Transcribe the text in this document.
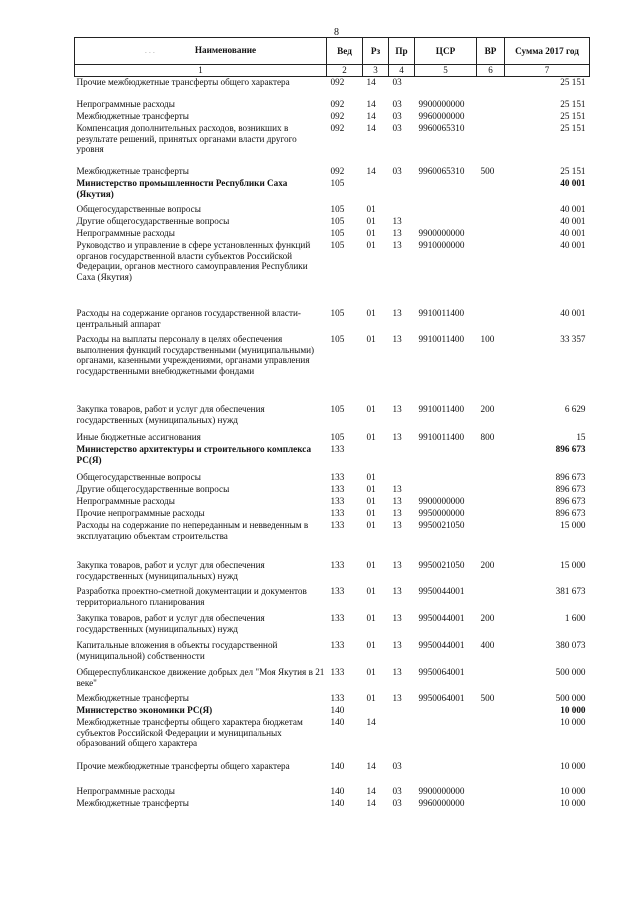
8
. . . Наименование	Вед	Рз	Пр	ЦСР	ВР	Сумма 2017 год
1	2	3	4	5	6	7
Прочие межбюджетные трансферты общего характера	092	14	03			25 151
Непрограммные расходы	092	14	03	9900000000		25 151
Межбюджетные трансферты	092	14	03	9960000000		25 151
Компенсация дополнительных расходов, возникших в результате решений, принятых органами власти другого уровня	092	14	03	9960065310		25 151
Межбюджетные трансферты	092	14	03	9960065310	500	25 151
Министерство промышленности Республики Саха (Якутия)	105					40 001
Общегосударственные вопросы	105	01				40 001
Другие общегосударственные вопросы	105	01	13			40 001
Непрограммные расходы	105	01	13	9900000000		40 001
Руководство и управление в сфере установленных функций органов государственной власти субъектов Российской Федерации, органов местного самоуправления Республики Саха (Якутия)	105	01	13	9910000000		40 001
Расходы на содержание органов государственной власти- центральный аппарат	105	01	13	9910011400		40 001
Расходы на выплаты персоналу в целях обеспечения выполнения функций государственными (муниципальными) органами, казенными учреждениями, органами управления государственными внебюджетными фондами	105	01	13	9910011400	100	33 357
Закупка товаров, работ и услуг для обеспечения государственных (муниципальных) нужд	105	01	13	9910011400	200	6 629
Иные бюджетные ассигнования	105	01	13	9910011400	800	15
Министерство архитектуры и строительного комплекса РС(Я)	133					896 673
Общегосударственные вопросы	133	01				896 673
Другие общегосударственные вопросы	133	01	13			896 673
Непрограммные расходы	133	01	13	9900000000		896 673
Прочие непрограммные расходы	133	01	13	9950000000		896 673
Расходы на содержание по непереданным и невведенным в эксплуатацию объектам строительства	133	01	13	9950021050		15 000
Закупка товаров, работ и услуг для обеспечения государственных (муниципальных) нужд	133	01	13	9950021050	200	15 000
Разработка проектно-сметной документации и документов территориального планирования	133	01	13	9950044001		381 673
Закупка товаров, работ и услуг для обеспечения государственных (муниципальных) нужд	133	01	13	9950044001	200	1 600
Капитальные вложения в объекты государственной (муниципальной) собственности	133	01	13	9950044001	400	380 073
Общереспубликанское движение добрых дел "Моя Якутия в 21 веке"	133	01	13	9950064001		500 000
Межбюджетные трансферты	133	01	13	9950064001	500	500 000
Министерство экономики РС(Я)	140					10 000
Межбюджетные трансферты общего характера бюджетам субъектов Российской Федерации и муниципальных образований общего характера	140	14				10 000
Прочие межбюджетные трансферты общего характера	140	14	03			10 000
Непрограммные расходы	140	14	03	9900000000		10 000
Межбюджетные трансферты	140	14	03	9960000000		10 000
